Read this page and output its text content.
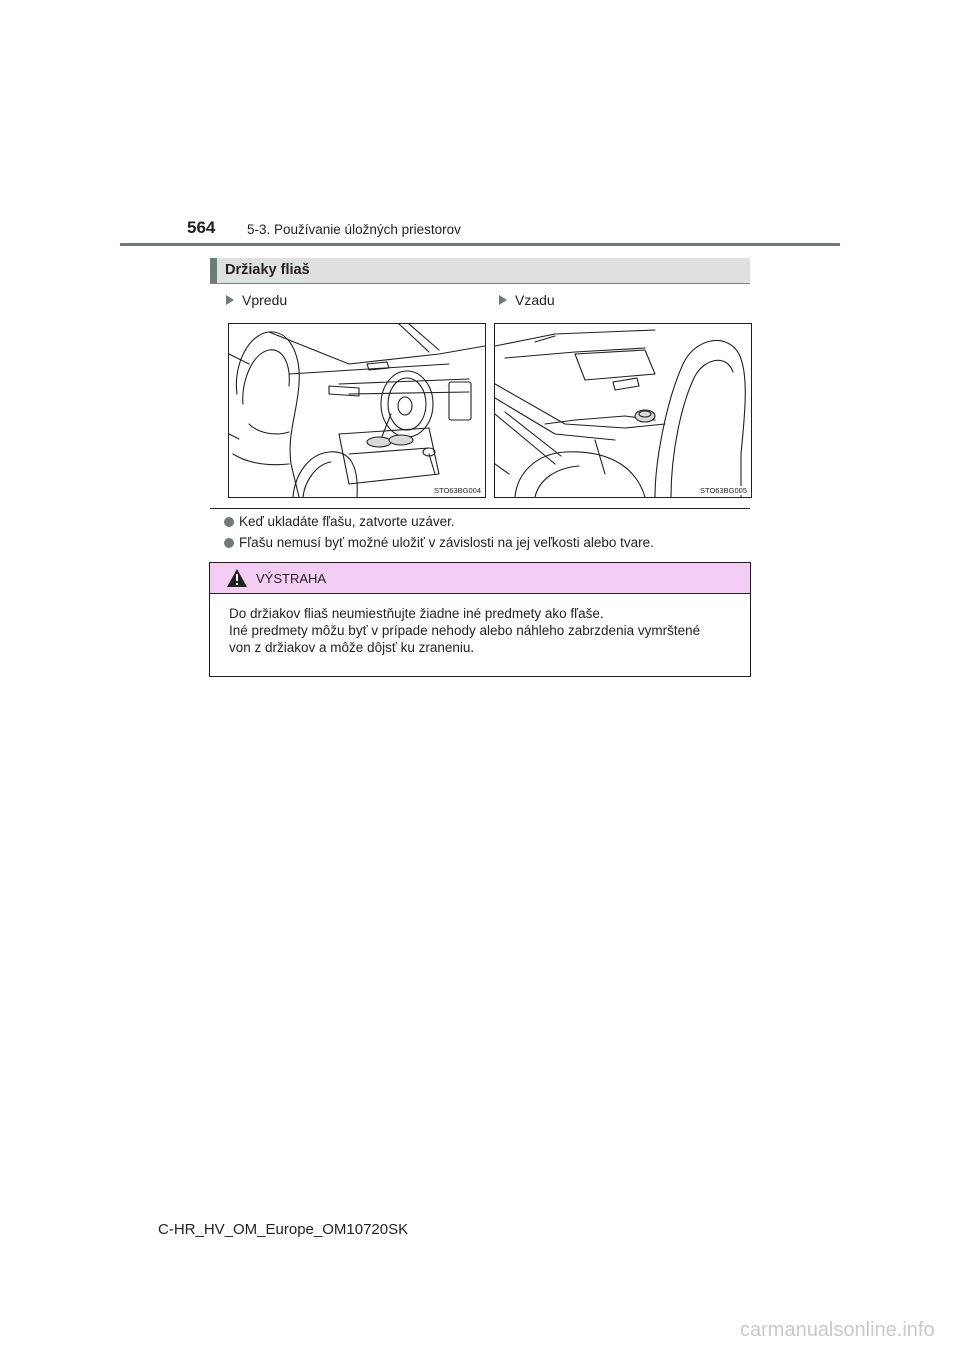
564 5-3. Používanie úložných priestorov
Držiaky fliaš
Vpredu	Vzadu
STO63BG004	STO63BG005
Keď ukladáte fľašu, zatvorte uzáver.
Fľašu nemusí byť možné uložiť v závislosti na jej veľkosti alebo tvare.
VÝSTRAHA
Do držiakov fliaš neumiestňujte žiadne iné predmety ako fľaše.
Iné predmety môžu byť v prípade nehody alebo náhleho zabrzdenia vymrštené
von z držiakov a môže dôjsť ku zraneniu.
C-HR_HV_OM_Europe_OM10720SK
carmanualsonline.info
